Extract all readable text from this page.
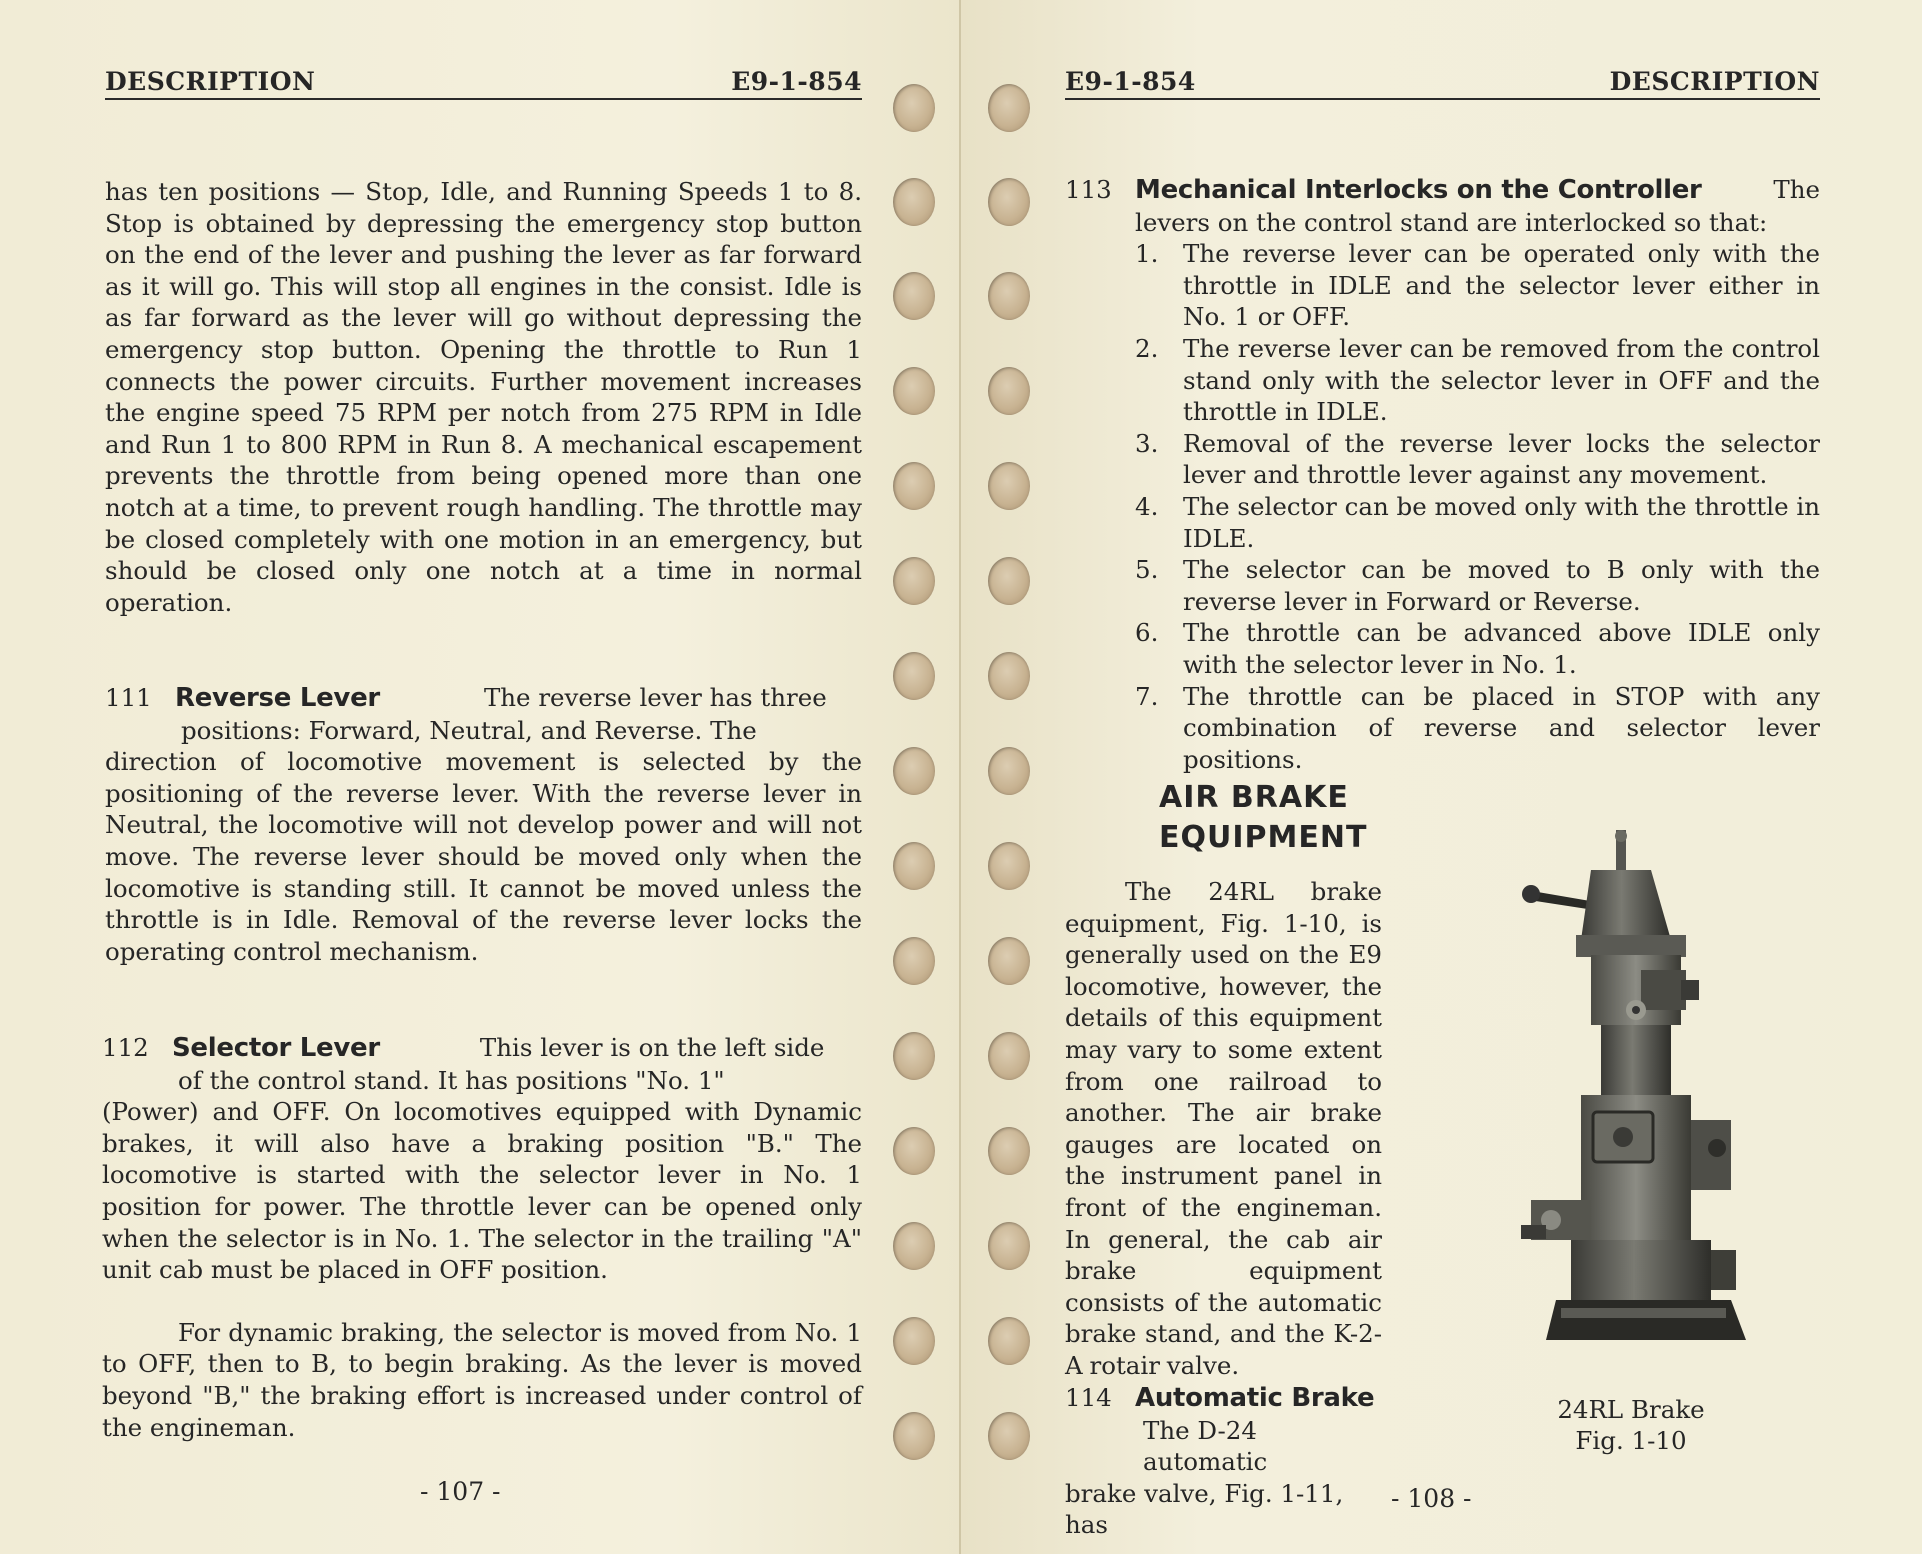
DESCRIPTION	E9-1-854

has ten positions — Stop, Idle, and Running Speeds 1 to 8. Stop is obtained by depressing the emergency stop button on the end of the lever and pushing the lever as far forward as it will go. This will stop all engines in the consist. Idle is as far forward as the lever will go without depressing the emergency stop button. Opening the throttle to Run 1 connects the power circuits. Further movement increases the engine speed 75 RPM per notch from 275 RPM in Idle and Run 1 to 800 RPM in Run 8. A mechanical escapement prevents the throttle from being opened more than one notch at a time, to prevent rough handling. The throttle may be closed completely with one motion in an emergency, but should be closed only one notch at a time in normal operation.

111 Reverse Lever	The reverse lever has three

positions: Forward, Neutral, and Reverse. The

direction of locomotive movement is selected by the positioning of the reverse lever. With the reverse lever in Neutral, the locomotive will not develop power and will not move. The reverse lever should be moved only when the locomotive is standing still. It cannot be moved unless the throttle is in Idle. Removal of the reverse lever locks the operating control mechanism.

112 Selector Lever	This lever is on the left side

of the control stand. It has positions "No. 1"

(Power) and OFF. On locomotives equipped with Dynamic brakes, it will also have a braking position "B." The locomotive is started with the selector lever in No. 1 position for power. The throttle lever can be opened only when the selector is in No. 1. The selector in the trailing "A" unit cab must be placed in OFF position.

For dynamic braking, the selector is moved from No. 1 to OFF, then to B, to begin braking. As the lever is moved beyond "B," the braking effort is increased under control of the engineman.

- 107 -
E9-1-854	DESCRIPTION

113 Mechanical Interlocks on the Controller	The

levers on the control stand are interlocked so that:

1. The reverse lever can be operated only with the throttle in IDLE and the selector lever either in No. 1 or OFF.
2. The reverse lever can be removed from the control stand only with the selector lever in OFF and the throttle in IDLE.
3. Removal of the reverse lever locks the selector lever and throttle lever against any movement.
4. The selector can be moved only with the throttle in IDLE.
5. The selector can be moved to B only with the reverse lever in Forward or Reverse.
6. The throttle can be advanced above IDLE only with the selector lever in No. 1.
7. The throttle can be placed in STOP with any combination of reverse and selector lever positions.
AIR BRAKE
EQUIPMENT

The 24RL brake equipment, Fig. 1-10, is generally used on the E9 locomotive, however, the details of this equipment may vary to some extent from one railroad to another. The air brake gauges are located on the instrument panel in front of the engineman. In general, the cab air brake equipment consists of the automatic brake stand, and the K-2-A rotair valve.

114 Automatic Brake

The D-24 automatic

brake valve, Fig. 1-11, has

24RL Brake
Fig. 1-10
- 108 -
